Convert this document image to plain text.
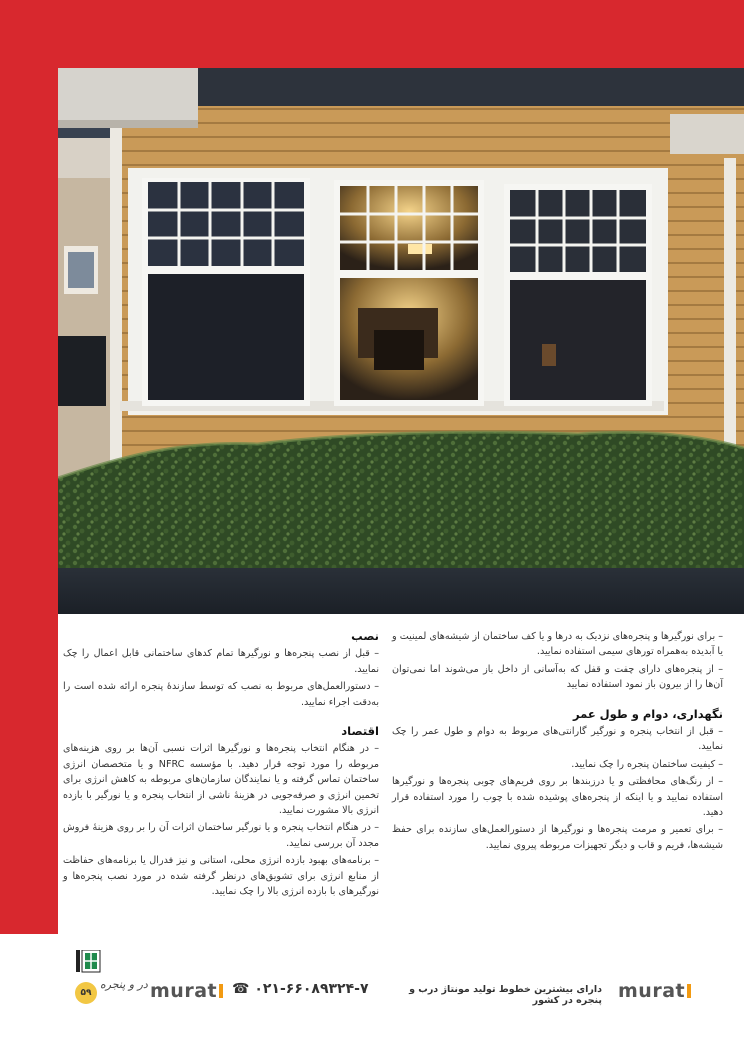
– برای نورگیرها و پنجره‌های نزدیک به درها و یا کف ساختمان از شیشه‌های لمینیت و یا آبدیده به‌همراه تورهای سیمی استفاده نمایید.

– از پنجره‌های دارای چفت و قفل که به‌آسانی از داخل باز می‌شوند اما نمی‌توان آن‌ها را از بیرون باز نمود استفاده نمایید

نگهداری، دوام و طول عمر

– قبل از انتخاب پنجره و نورگیر گارانتی‌های مربوط به دوام و طول عمر را چک نمایید.

– کیفیت ساختمان پنجره را چک نمایید.

– از رنگ‌های محافظتی و یا درزبندها بر روی فریم‌های چوبی پنجره‌ها و نورگیرها استفاده نمایید و یا اینکه از پنجره‌های پوشیده شده با چوب را مورد استفاده قرار دهید.

– برای تعمیر و مرمت پنجره‌ها و نورگیرها از دستورالعمل‌های سازنده برای حفظ شیشه‌ها، فریم و قاب و دیگر تجهیزات مربوطه پیروی نمایید.

نصب

– قبل از نصب پنجره‌ها و نورگیرها تمام کدهای ساختمانی قابل اعمال را چک نمایید.

– دستورالعمل‌های مربوط به نصب که توسط سازندهٔ پنجره ارائه شده است را به‌دقت اجراء نمایید.

اقتصاد

– در هنگام انتخاب پنجره‌ها و نورگیرها اثرات نسبی آن‌ها بر روی هزینه‌های مربوطه را مورد توجه قرار دهید. با مؤسسه NFRC و یا متخصصان انرژی ساختمان تماس گرفته و یا نمایندگان سازمان‌های مربوطه به کاهش انرژی برای تخمین انرژی و صرفه‌جویی در هزینهٔ ناشی از انتخاب پنجره و یا نورگیر با بازده انرژی بالا مشورت نمایید.

– در هنگام انتخاب پنجره و یا نورگیر ساختمان اثرات آن را بر روی هزینهٔ فروش مجدد آن بررسی نمایید.

– برنامه‌های بهبود بازده انرژی محلی، استانی و نیز فدرال یا برنامه‌های حفاظت از منابع انرژی برای تشویق‌های درنظر گرفته شده در مورد نصب پنجره‌ها و نورگیرهای با بازده انرژی بالا را چک نمایید.

murat
دارای بیشترین خطوط تولید مونتاژ درب و پنجره در کشور
☎ ۰۲۱-۶۶۰۸۹۳۲۴-۷
murat
در و پنجره
۵۹
